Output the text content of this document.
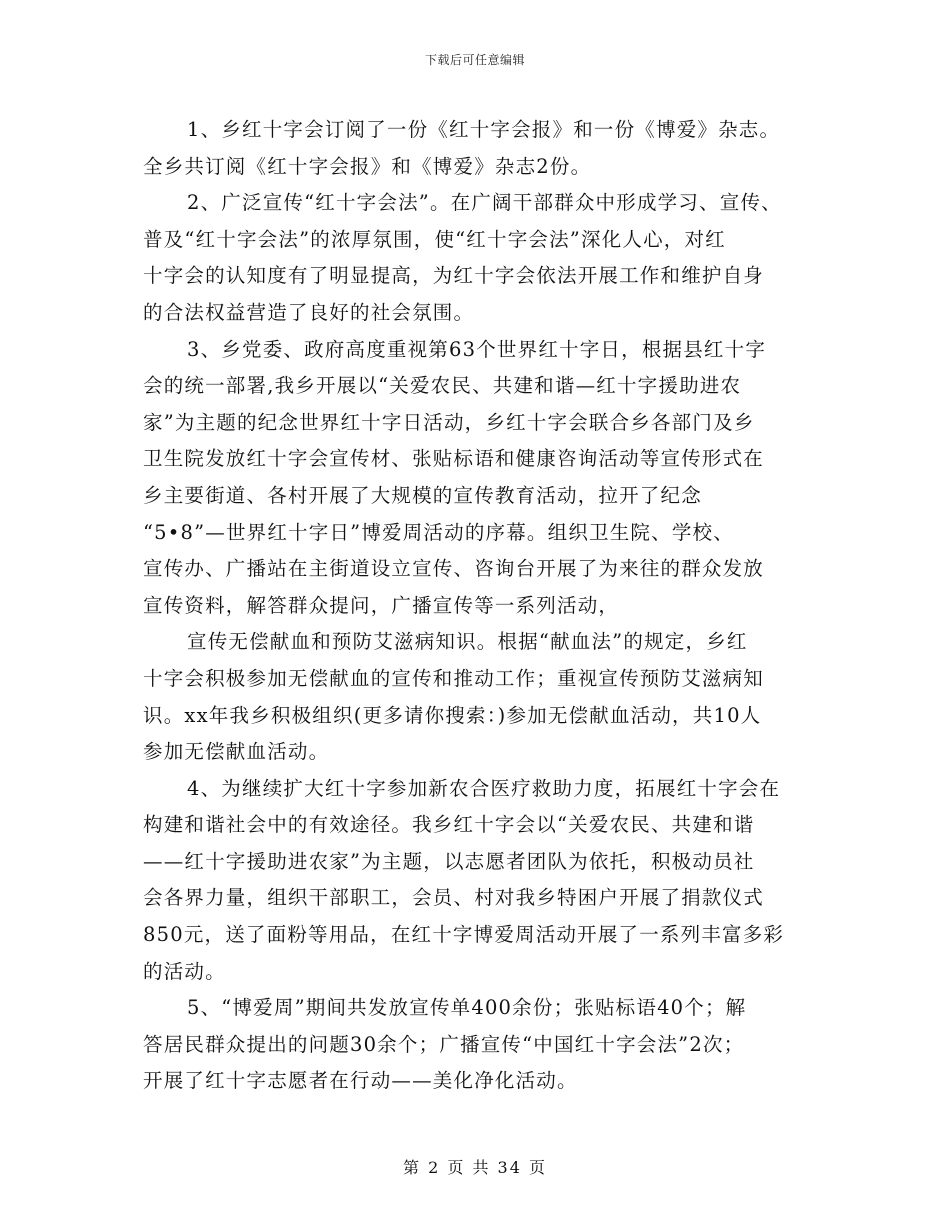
下载后可任意编辑
1、乡红十字会订阅了一份《红十字会报》和一份《博爱》杂志。
全乡共订阅《红十字会报》和《博爱》杂志2份。
2、广泛宣传“红十字会法”。在广阔干部群众中形成学习、宣传、
普及“红十字会法”的浓厚氛围，使“红十字会法”深化人心，对红
十字会的认知度有了明显提高，为红十字会依法开展工作和维护自身
的合法权益营造了良好的社会氛围。
3、乡党委、政府高度重视第63个世界红十字日，根据县红十字
会的统一部署,我乡开展以“关爱农民、共建和谐—红十字援助进农
家”为主题的纪念世界红十字日活动，乡红十字会联合乡各部门及乡
卫生院发放红十字会宣传材、张贴标语和健康咨询活动等宣传形式在
乡主要街道、各村开展了大规模的宣传教育活动，拉开了纪念
“5•8”—世界红十字日”博爱周活动的序幕。组织卫生院、学校、
宣传办、广播站在主街道设立宣传、咨询台开展了为来往的群众发放
宣传资料，解答群众提问，广播宣传等一系列活动，
宣传无偿献血和预防艾滋病知识。根据“献血法”的规定，乡红
十字会积极参加无偿献血的宣传和推动工作；重视宣传预防艾滋病知
识。xx年我乡积极组织(更多请你搜索：)参加无偿献血活动，共10人
参加无偿献血活动。
4、为继续扩大红十字参加新农合医疗救助力度，拓展红十字会在
构建和谐社会中的有效途径。我乡红十字会以“关爱农民、共建和谐
——红十字援助进农家”为主题，以志愿者团队为依托，积极动员社
会各界力量，组织干部职工，会员、村对我乡特困户开展了捐款仪式
850元，送了面粉等用品，在红十字博爱周活动开展了一系列丰富多彩
的活动。
5、“博爱周”期间共发放宣传单400余份；张贴标语40个；解
答居民群众提出的问题30余个；广播宣传“中国红十字会法”2次；
开展了红十字志愿者在行动——美化净化活动。
第 2 页 共 34 页
